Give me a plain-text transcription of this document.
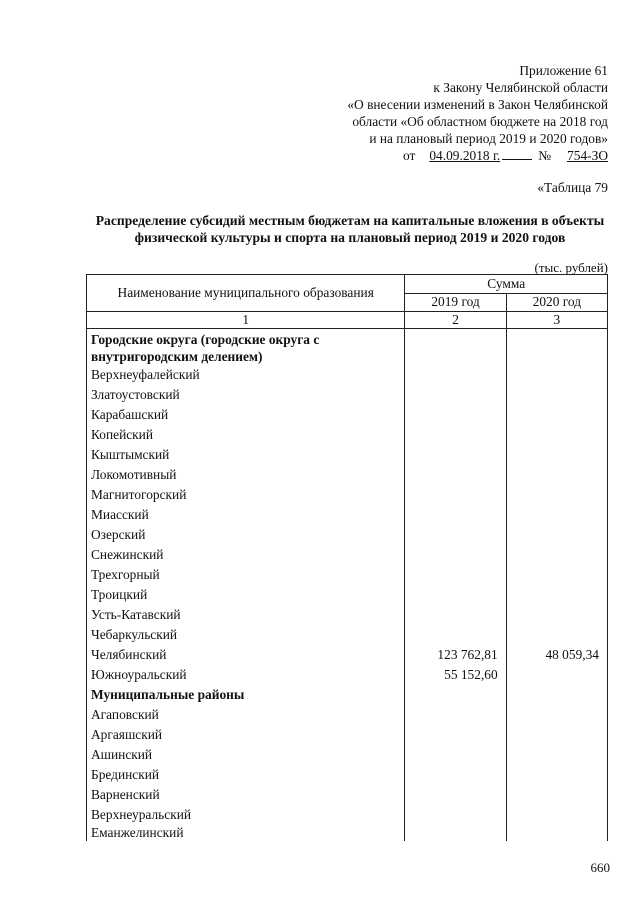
Приложение 61
к Закону Челябинской области
«О внесении изменений в Закон Челябинской
области «Об областном бюджете на 2018 год
и на плановый период 2019 и 2020 годов»
от 04.09.2018 г.	№ 754-ЗО
«Таблица 79
Распределение субсидий местным бюджетам на капитальные вложения в объекты физической культуры и спорта на плановый период 2019 и 2020 годов
(тыс. рублей)
Наименование муниципального образования	Сумма	
	2019 год	2020 год
1	2	3
Городские округа (городские округа с внутригородским делением)		
Верхнеуфалейский		
Златоустовский		
Карабашский		
Копейский		
Кыштымский		
Локомотивный		
Магнитогорский		
Миасский		
Озерский		
Снежинский		
Трехгорный		
Троицкий		
Усть-Катавский		
Чебаркульский		
Челябинский	123 762,81	48 059,34
Южноуральский	55 152,60	
Муниципальные районы		
Агаповский		
Аргаяшский		
Ашинский		
Брединский		
Варненский		
Верхнеуральский		
Еманжелинский		
660
